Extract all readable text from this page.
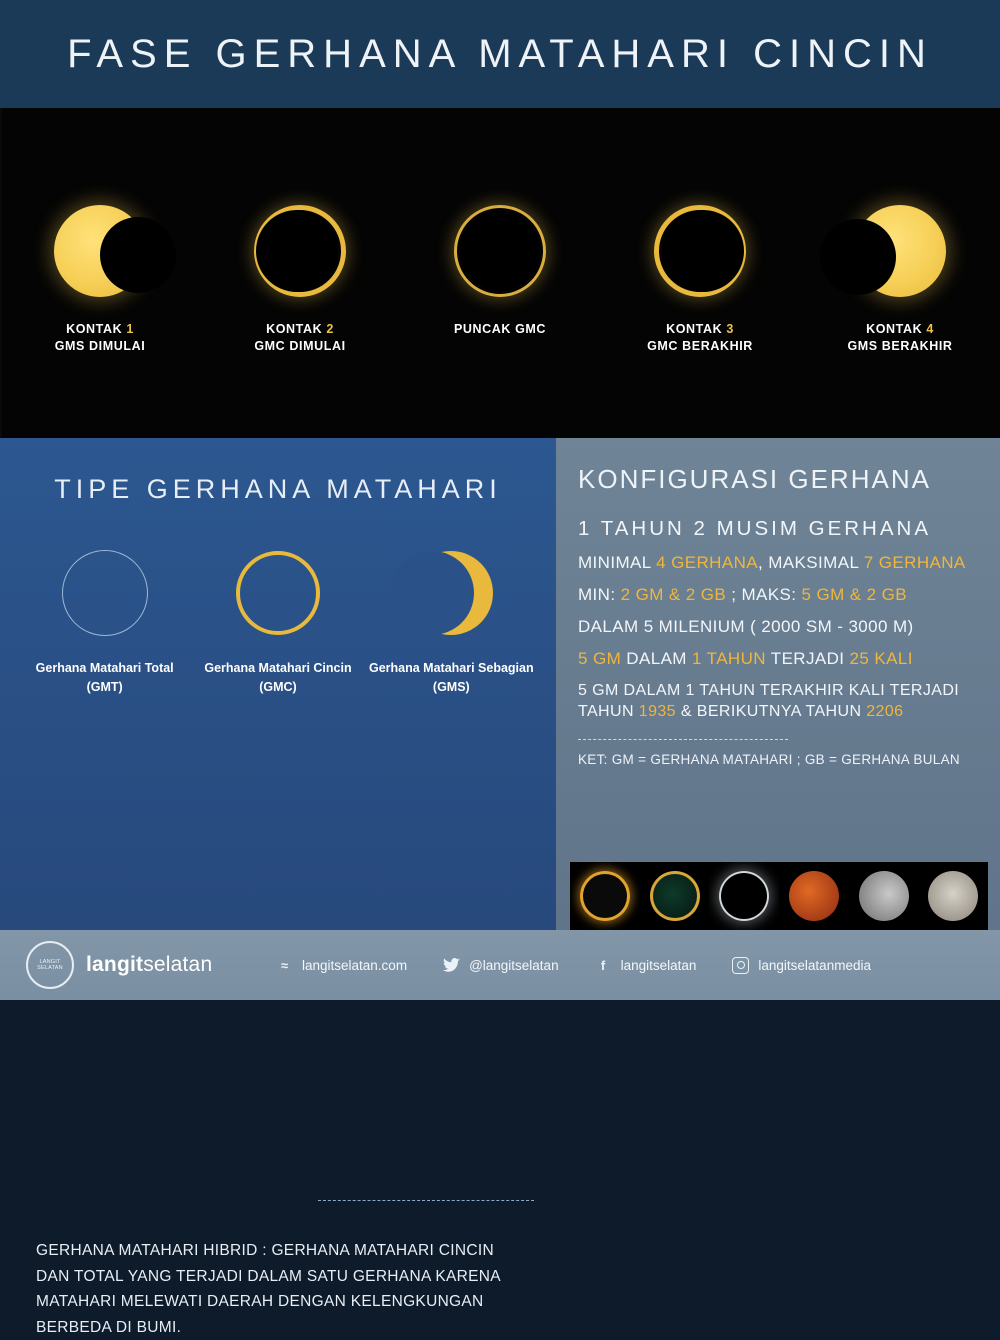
FASE GERHANA MATAHARI CINCIN
KONTAK 1
GMS DIMULAI
KONTAK 2
GMC DIMULAI
PUNCAK GMC	KONTAK 3
GMC BERAKHIR
KONTAK 4
GMS BERAKHIR
TIPE GERHANA MATAHARI
Gerhana Matahari Total
(GMT)
Gerhana Matahari Cincin
(GMC)
Gerhana Matahari Sebagian
(GMS)
GERHANA MATAHARI HIBRID : GERHANA MATAHARI CINCIN DAN TOTAL YANG TERJADI DALAM SATU GERHANA KARENA MATAHARI MELEWATI DAERAH DENGAN KELENGKUNGAN BERBEDA DI BUMI.
KONFIGURASI GERHANA
1 TAHUN 2 MUSIM GERHANA
MINIMAL 4 GERHANA, MAKSIMAL 7 GERHANA
MIN: 2 GM & 2 GB ; MAKS: 5 GM & 2 GB
DALAM 5 MILENIUM ( 2000 SM - 3000 M)
5 GM DALAM 1 TAHUN TERJADI 25 KALI
5 GM DALAM 1 TAHUN TERAKHIR KALI TERJADI
TAHUN 1935 & BERIKUTNYA TAHUN 2206
KET: GM = GERHANA MATAHARI ; GB = GERHANA BULAN
LANGIT SELATAN	langitselatan	≈	langitselatan.com	@langitselatan	f	langitselatan	langitselatanmedia
